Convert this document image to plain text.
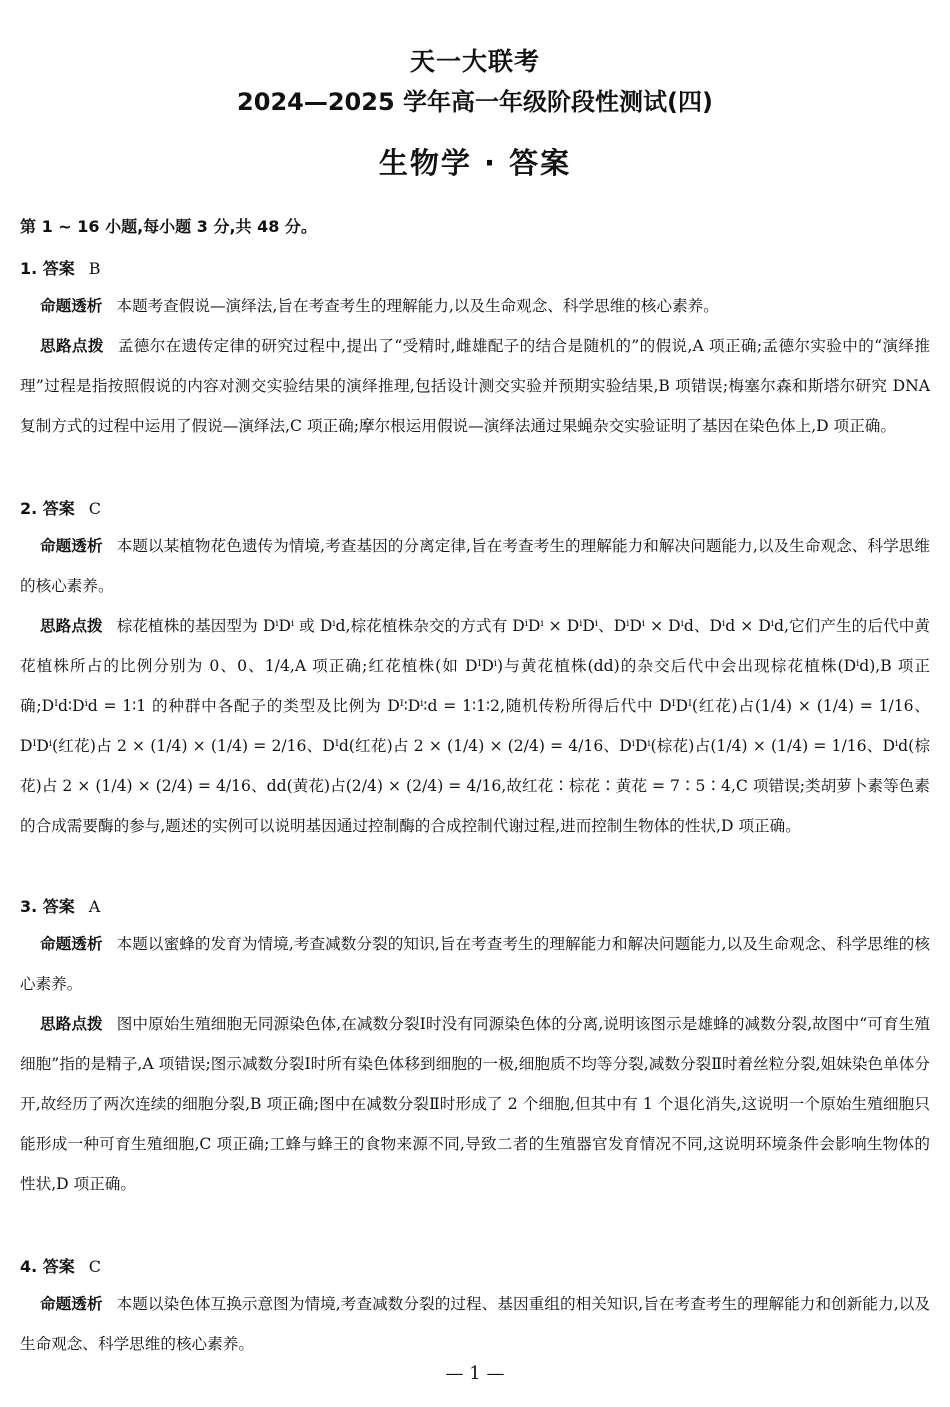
天一大联考
2024—2025 学年高一年级阶段性测试(四)
生物学 · 答案
第 1 ~ 16 小题,每小题 3 分,共 48 分。
1. 答案 B
命题透析 本题考查假说—演绎法,旨在考查考生的理解能力,以及生命观念、科学思维的核心素养。
思路点拨 孟德尔在遗传定律的研究过程中,提出了“受精时,雌雄配子的结合是随机的”的假说,A 项正确;孟德尔实验中的“演绎推理”过程是指按照假说的内容对测交实验结果的演绎推理,包括设计测交实验并预期实验结果,B 项错误;梅塞尔森和斯塔尔研究 DNA 复制方式的过程中运用了假说—演绎法,C 项正确;摩尔根运用假说—演绎法通过果蝇杂交实验证明了基因在染色体上,D 项正确。
2. 答案 C
命题透析 本题以某植物花色遗传为情境,考查基因的分离定律,旨在考查考生的理解能力和解决问题能力,以及生命观念、科学思维的核心素养。
思路点拨 棕花植株的基因型为 DⁱDⁱ 或 Dⁱd,棕花植株杂交的方式有 DⁱDⁱ × DⁱDⁱ、DⁱDⁱ × Dⁱd、Dⁱd × Dⁱd,它们产生的后代中黄花植株所占的比例分别为 0、0、1/4,A 项正确;红花植株(如 DᴵDⁱ)与黄花植株(dd)的杂交后代中会出现棕花植株(Dⁱd),B 项正确;Dᴵd∶Dⁱd = 1∶1 的种群中各配子的类型及比例为 Dᴵ∶Dⁱ∶d = 1∶1∶2,随机传粉所得后代中 DᴵDᴵ(红花)占(1/4) × (1/4) = 1/16、DᴵDⁱ(红花)占 2 × (1/4) × (1/4) = 2/16、Dᴵd(红花)占 2 × (1/4) × (2/4) = 4/16、DⁱDⁱ(棕花)占(1/4) × (1/4) = 1/16、Dⁱd(棕花)占 2 × (1/4) × (2/4) = 4/16、dd(黄花)占(2/4) × (2/4) = 4/16,故红花∶棕花∶黄花 = 7∶5∶4,C 项错误;类胡萝卜素等色素的合成需要酶的参与,题述的实例可以说明基因通过控制酶的合成控制代谢过程,进而控制生物体的性状,D 项正确。
3. 答案 A
命题透析 本题以蜜蜂的发育为情境,考查减数分裂的知识,旨在考查考生的理解能力和解决问题能力,以及生命观念、科学思维的核心素养。
思路点拨 图中原始生殖细胞无同源染色体,在减数分裂Ⅰ时没有同源染色体的分离,说明该图示是雄蜂的减数分裂,故图中“可育生殖细胞”指的是精子,A 项错误;图示减数分裂Ⅰ时所有染色体移到细胞的一极,细胞质不均等分裂,减数分裂Ⅱ时着丝粒分裂,姐妹染色单体分开,故经历了两次连续的细胞分裂,B 项正确;图中在减数分裂Ⅱ时形成了 2 个细胞,但其中有 1 个退化消失,这说明一个原始生殖细胞只能形成一种可育生殖细胞,C 项正确;工蜂与蜂王的食物来源不同,导致二者的生殖器官发育情况不同,这说明环境条件会影响生物体的性状,D 项正确。
4. 答案 C
命题透析 本题以染色体互换示意图为情境,考查减数分裂的过程、基因重组的相关知识,旨在考查考生的理解能力和创新能力,以及生命观念、科学思维的核心素养。
— 1 —
